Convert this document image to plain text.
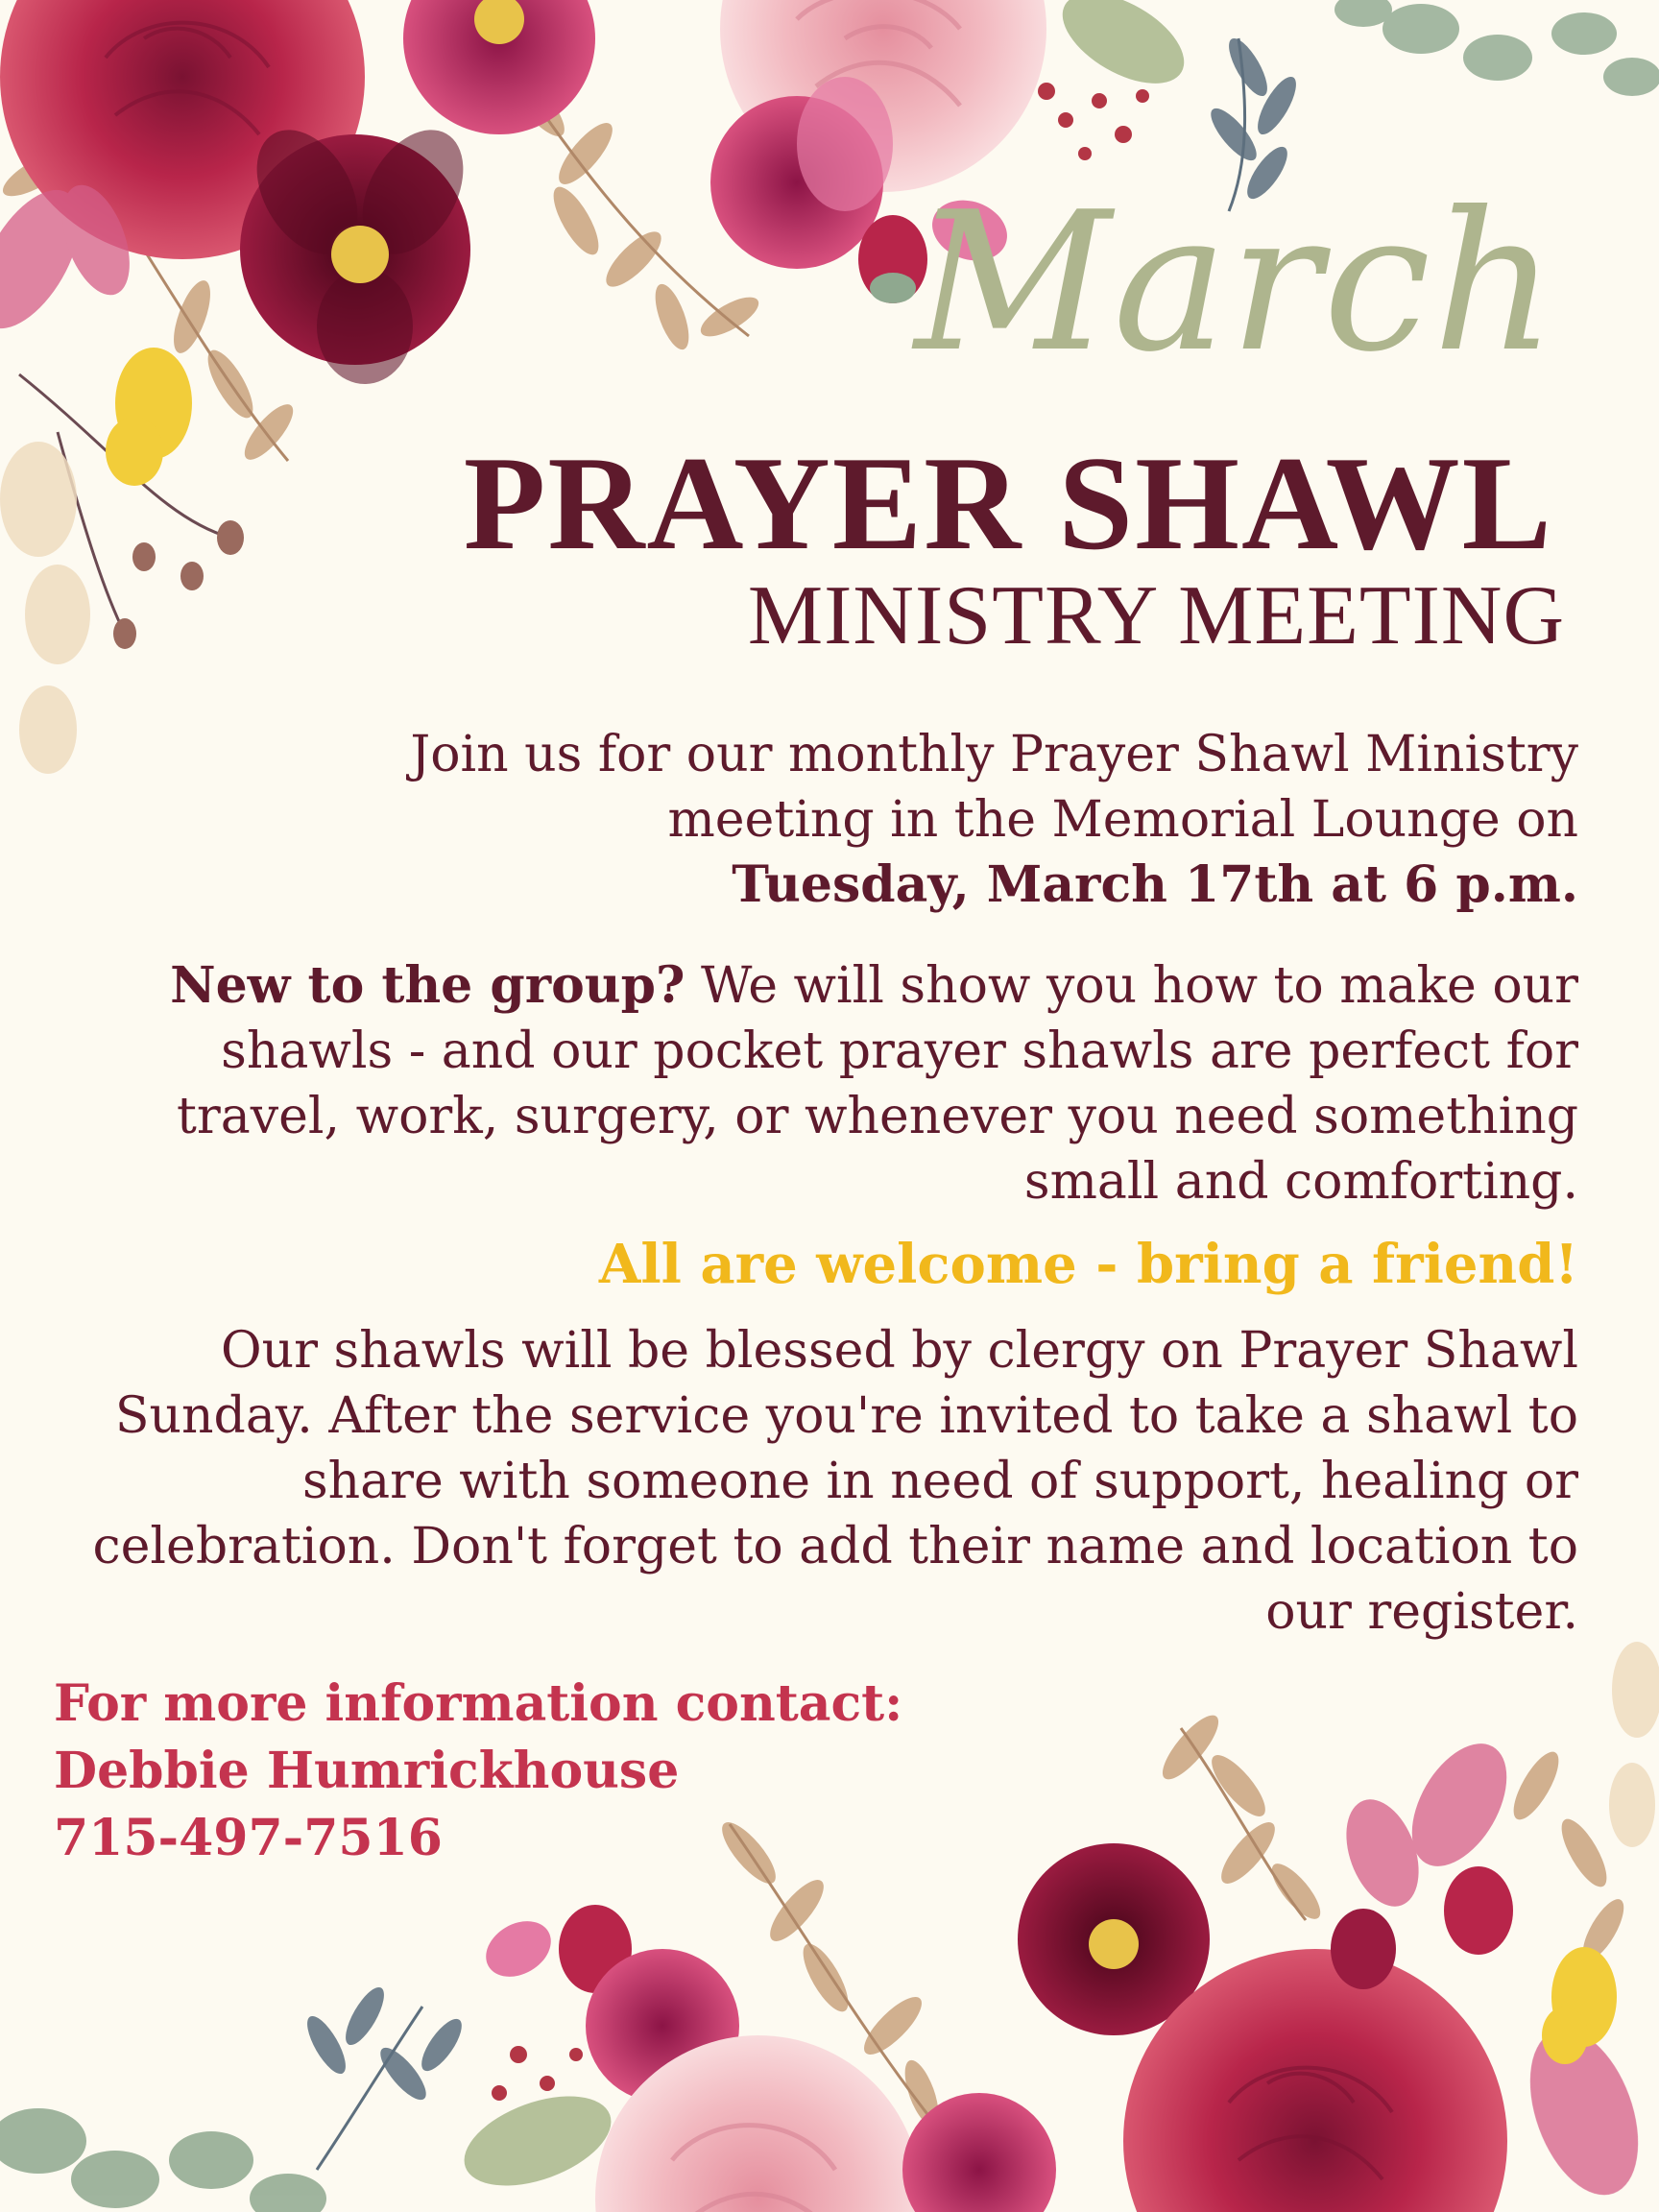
March
PRAYER SHAWL
MINISTRY MEETING
Join us for our monthly Prayer Shawl Ministry
meeting in the Memorial Lounge on
Tuesday, March 17th at 6 p.m.
New to the group? We will show you how to make our shawls - and our pocket prayer shawls are perfect for travel, work, surgery, or whenever you need something small and comforting.
All are welcome - bring a friend!
Our shawls will be blessed by clergy on Prayer Shawl Sunday. After the service you're invited to take a shawl to share with someone in need of support, healing or celebration. Don't forget to add their name and location to our register.
For more information contact:
Debbie Humrickhouse
715-497-7516
